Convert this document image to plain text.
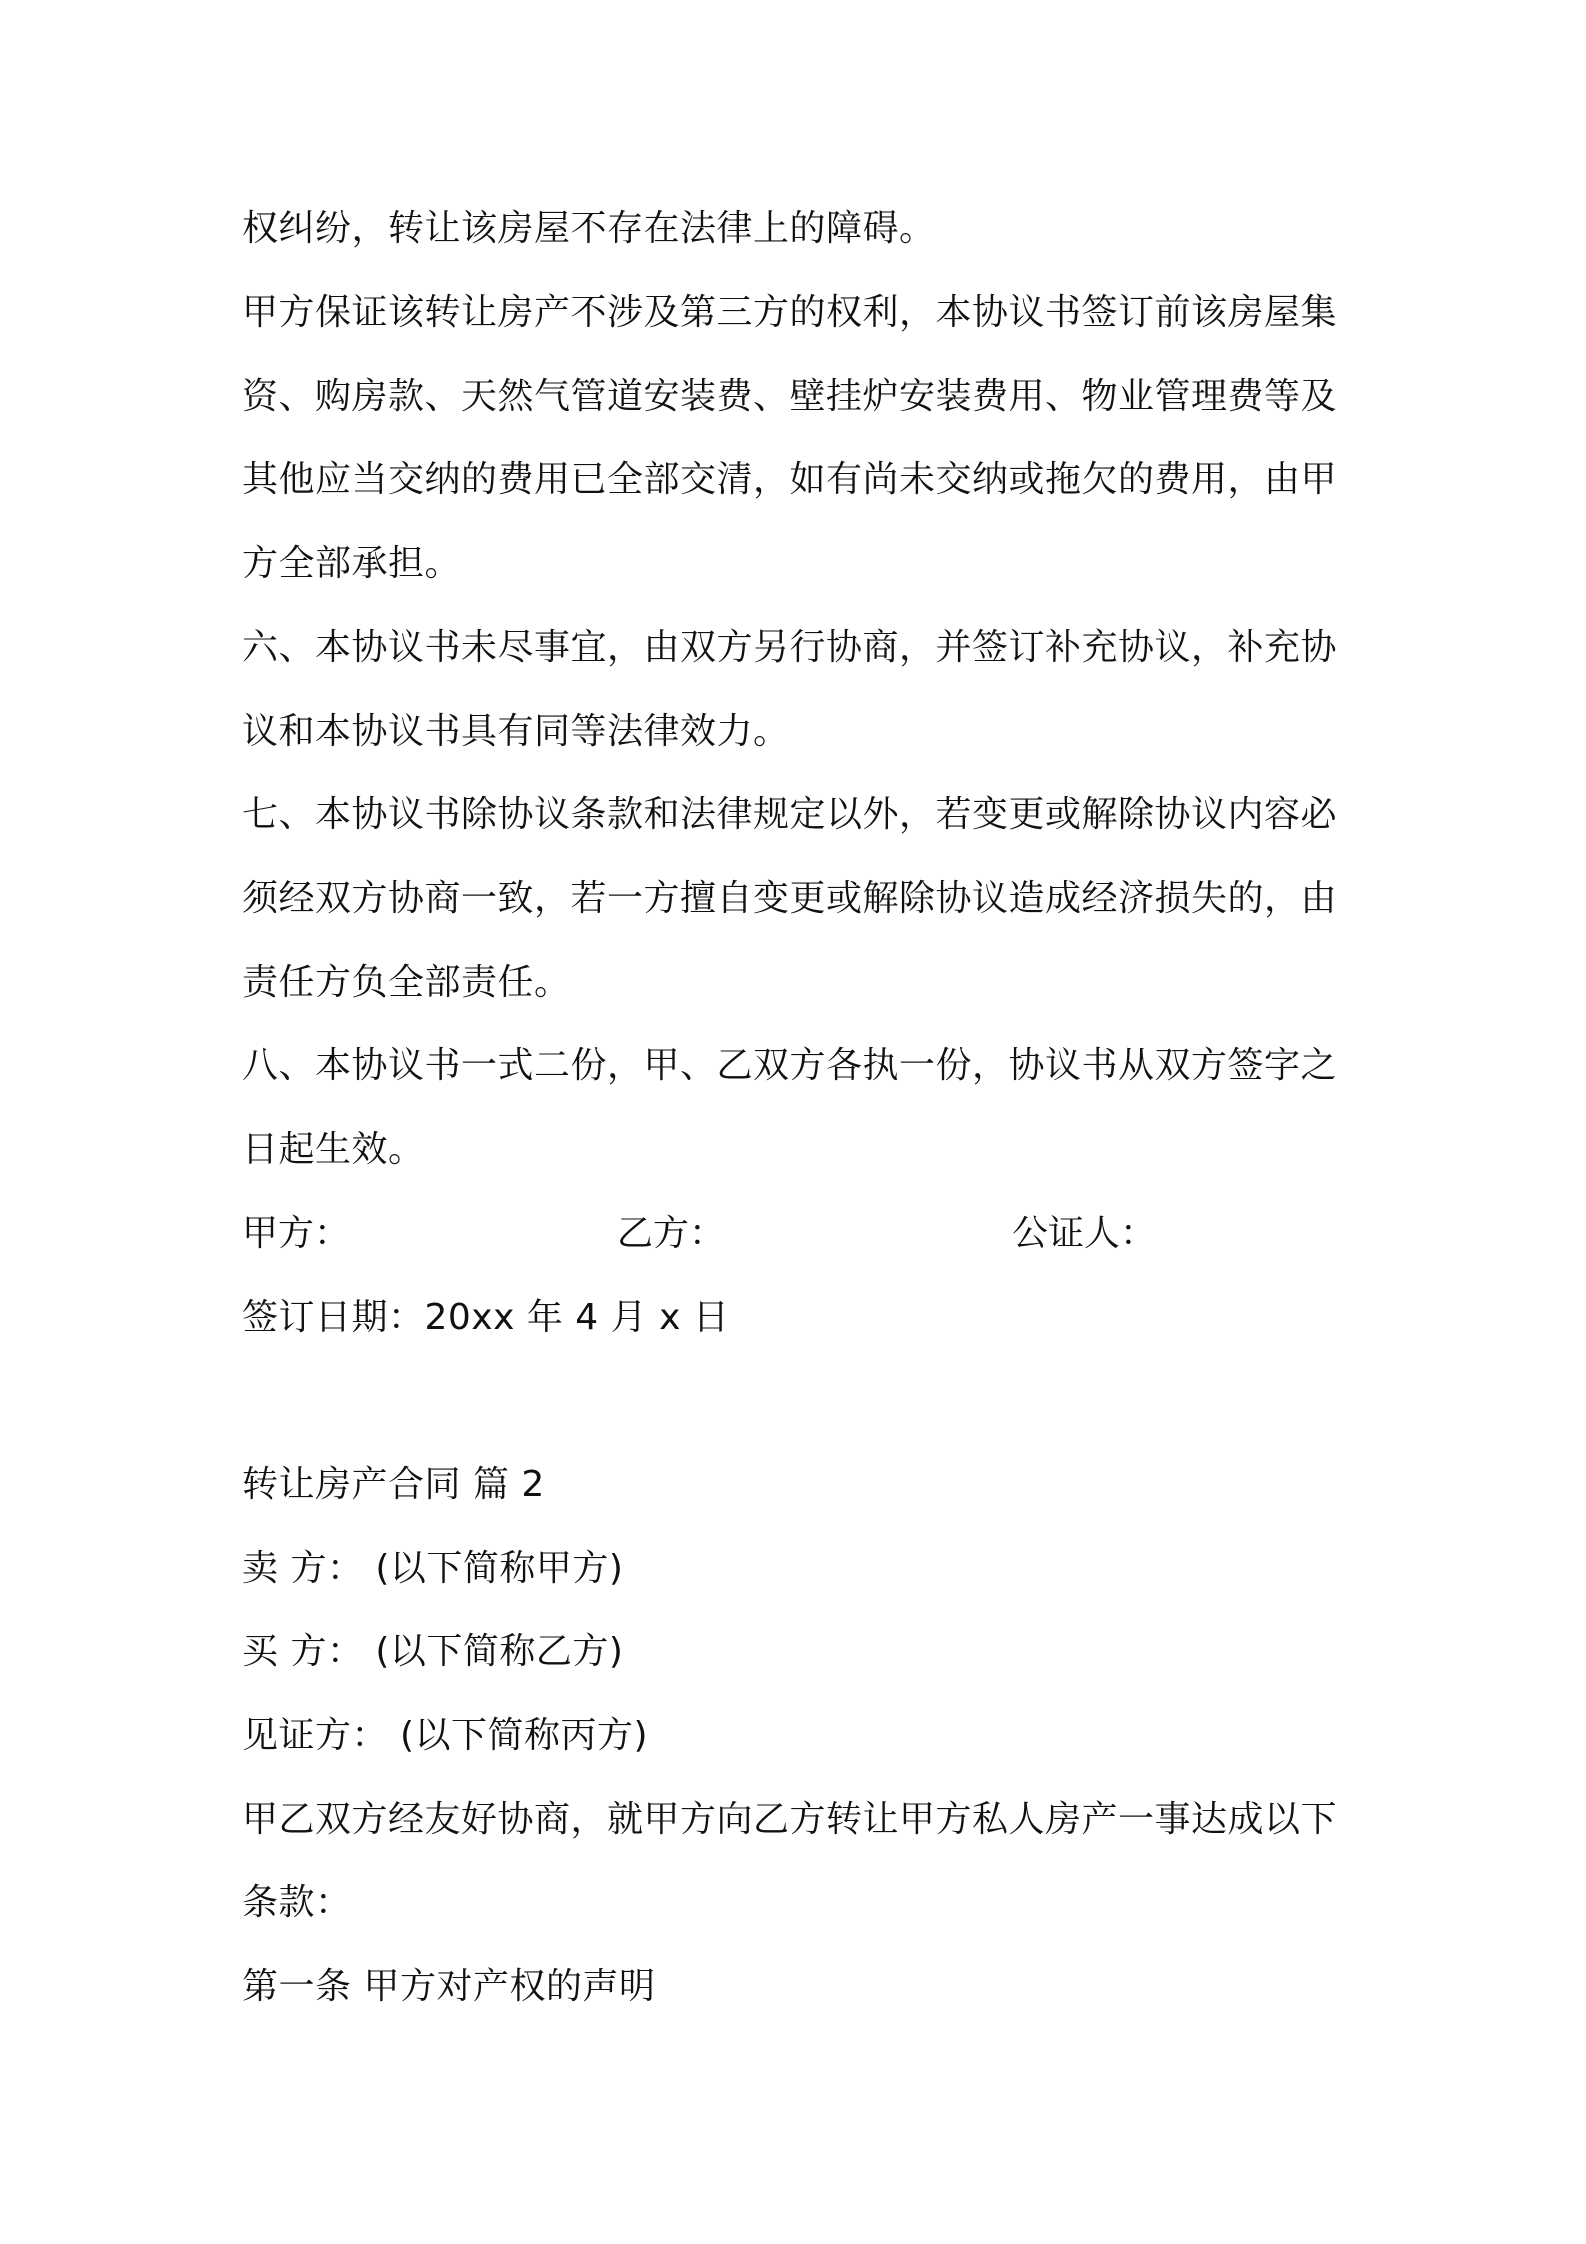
权纠纷，转让该房屋不存在法律上的障碍。
甲方保证该转让房产不涉及第三方的权利，本协议书签订前该房屋集
资、购房款、天然气管道安装费、壁挂炉安装费用、物业管理费等及
其他应当交纳的费用已全部交清，如有尚未交纳或拖欠的费用，由甲
方全部承担。
六、本协议书未尽事宜，由双方另行协商，并签订补充协议，补充协
议和本协议书具有同等法律效力。
七、本协议书除协议条款和法律规定以外，若变更或解除协议内容必
须经双方协商一致，若一方擅自变更或解除协议造成经济损失的，由
责任方负全部责任。
八、本协议书一式二份，甲、乙双方各执一份，协议书从双方签字之
日起生效。
甲方：	乙方：	公证人：
签订日期：20xx 年 4 月 x 日
转让房产合同 篇 2
卖 方： (以下简称甲方)
买 方： (以下简称乙方)
见证方： (以下简称丙方)
甲乙双方经友好协商，就甲方向乙方转让甲方私人房产一事达成以下
条款：
第一条 甲方对产权的声明
